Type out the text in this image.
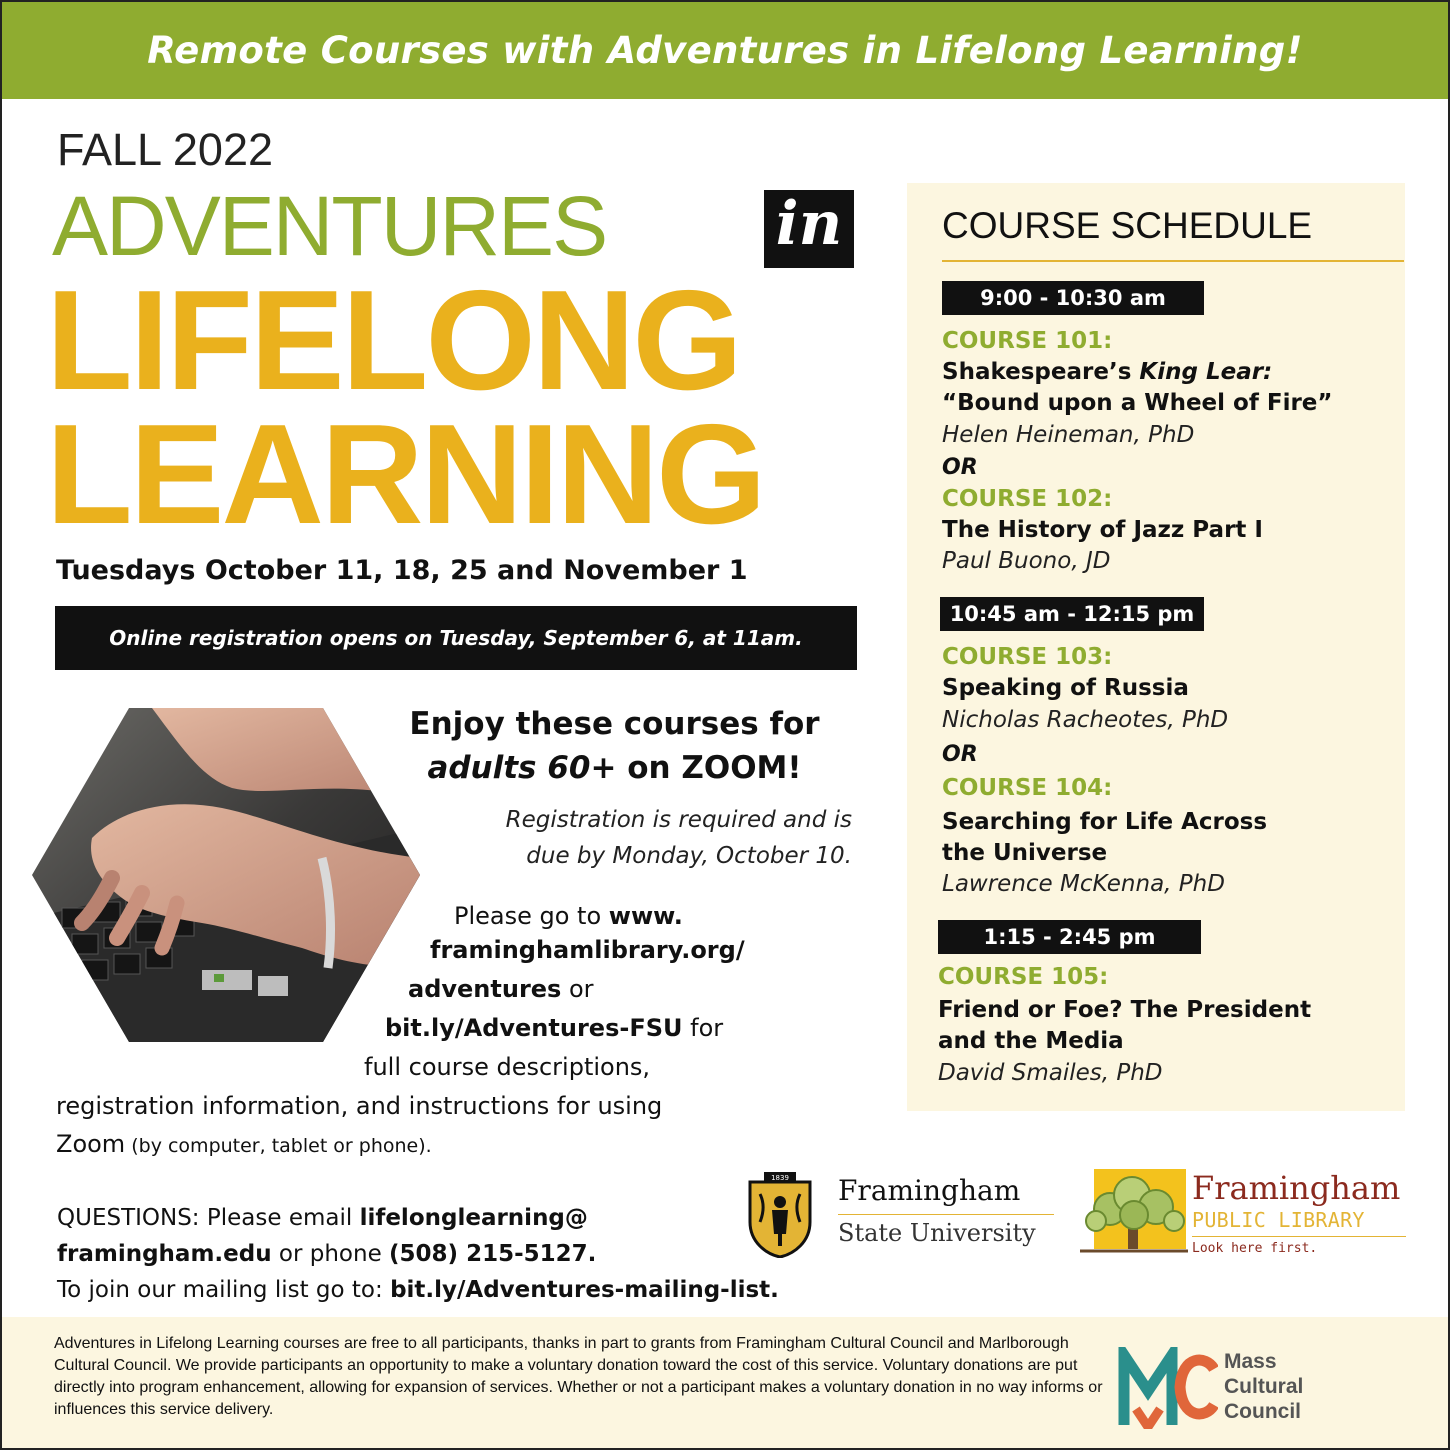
Remote Courses with Adventures in Lifelong Learning!
FALL 2022
ADVENTURES	in
LIFELONG
LEARNING
Tuesdays October 11, 18, 25 and November 1
Online registration opens on Tuesday, September 6, at 11am.
Enjoy these courses for
adults 60+ on ZOOM!
Registration is required and is
due by Monday, October 10.
Please go to www.
framinghamlibrary.org/
adventures or
bit.ly/Adventures-FSU for
full course descriptions,
registration information, and instructions for using
Zoom (by computer, tablet or phone).
COURSE SCHEDULE
9:00 - 10:30 am
COURSE 101:
Shakespeare’s King Lear:
“Bound upon a Wheel of Fire”
Helen Heineman, PhD
OR
COURSE 102:
The History of Jazz Part I
Paul Buono, JD
10:45 am - 12:15 pm
COURSE 103:
Speaking of Russia
Nicholas Racheotes, PhD
OR
COURSE 104:
Searching for Life Across
the Universe
Lawrence McKenna, PhD
1:15 - 2:45 pm
COURSE 105:
Friend or Foe? The President
and the Media
David Smailes, PhD
QUESTIONS: Please email lifelonglearning@
framingham.edu or phone (508) 215-5127.
To join our mailing list go to: bit.ly/Adventures-mailing-list.
1839 Framingham
State University
Framingham
PUBLIC LIBRARY
Look here first.
Adventures in Lifelong Learning courses are free to all participants, thanks in part to grants from Framingham Cultural Council and Marlborough Cultural Council. We provide participants an opportunity to make a voluntary donation toward the cost of this service. Voluntary donations are put directly into program enhancement, allowing for expansion of services. Whether or not a participant makes a voluntary donation in no way informs or influences this service delivery.
Mass
Cultural
Council
